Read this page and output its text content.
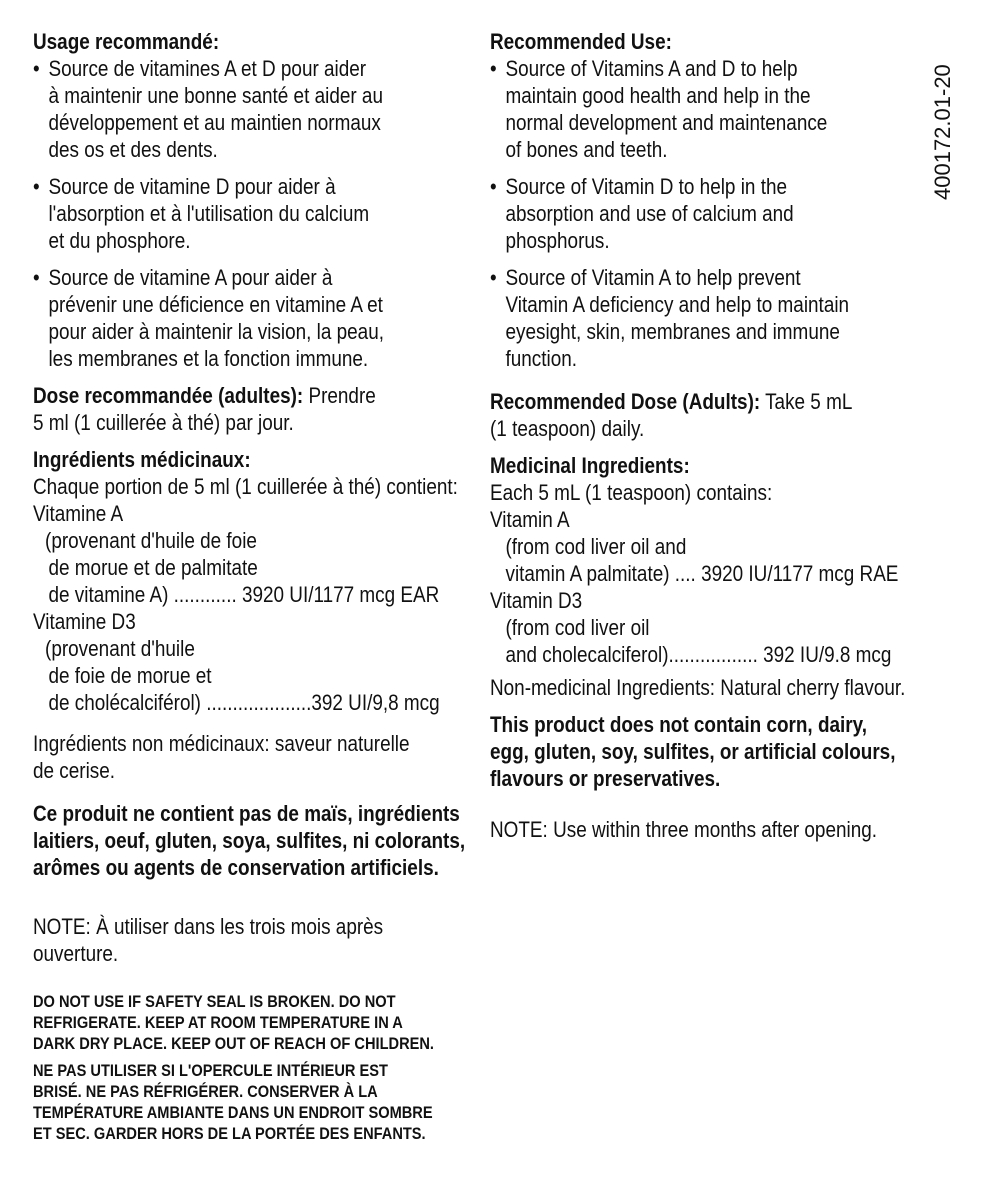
Usage recommandé:
• Source de vitamines A et D pour aider
à maintenir une bonne santé et aider au
développement et au maintien normaux
des os et des dents.
• Source de vitamine D pour aider à
l'absorption et à l'utilisation du calcium
et du phosphore.
• Source de vitamine A pour aider à
prévenir une déficience en vitamine A et
pour aider à maintenir la vision, la peau,
les membranes et la fonction immune.
Dose recommandée (adultes): Prendre
5 ml (1 cuillerée à thé) par jour.
Ingrédients médicinaux:
Chaque portion de 5 ml (1 cuillerée à thé) contient:
Vitamine A
(provenant d'huile de foie
de morue et de palmitate
de vitamine A) ............ 3920 UI/1177 mcg EAR
Vitamine D3
(provenant d'huile
de foie de morue et
de cholécalciférol) ....................392 UI/9,8 mcg
Ingrédients non médicinaux: saveur naturelle
de cerise.
Ce produit ne contient pas de maïs, ingrédients
laitiers, oeuf, gluten, soya, sulfites, ni colorants,
arômes ou agents de conservation artificiels.
NOTE: À utiliser dans les trois mois après
ouverture.
DO NOT USE IF SAFETY SEAL IS BROKEN. DO NOT
REFRIGERATE. KEEP AT ROOM TEMPERATURE IN A
DARK DRY PLACE. KEEP OUT OF REACH OF CHILDREN.
NE PAS UTILISER SI L'OPERCULE INTÉRIEUR EST
BRISÉ. NE PAS RÉFRIGÉRER. CONSERVER À LA
TEMPÉRATURE AMBIANTE DANS UN ENDROIT SOMBRE
ET SEC. GARDER HORS DE LA PORTÉE DES ENFANTS.
Recommended Use:
• Source of Vitamins A and D to help
maintain good health and help in the
normal development and maintenance
of bones and teeth.
• Source of Vitamin D to help in the
absorption and use of calcium and
phosphorus.
• Source of Vitamin A to help prevent
Vitamin A deficiency and help to maintain
eyesight, skin, membranes and immune
function.
Recommended Dose (Adults): Take 5 mL
(1 teaspoon) daily.
Medicinal Ingredients:
Each 5 mL (1 teaspoon) contains:
Vitamin A
(from cod liver oil and
vitamin A palmitate) .... 3920 IU/1177 mcg RAE
Vitamin D3
(from cod liver oil
and cholecalciferol)................. 392 IU/9.8 mcg
Non-medicinal Ingredients: Natural cherry flavour.
This product does not contain corn, dairy,
egg, gluten, soy, sulfites, or artificial colours,
flavours or preservatives.
NOTE: Use within three months after opening.
400172.01-20
